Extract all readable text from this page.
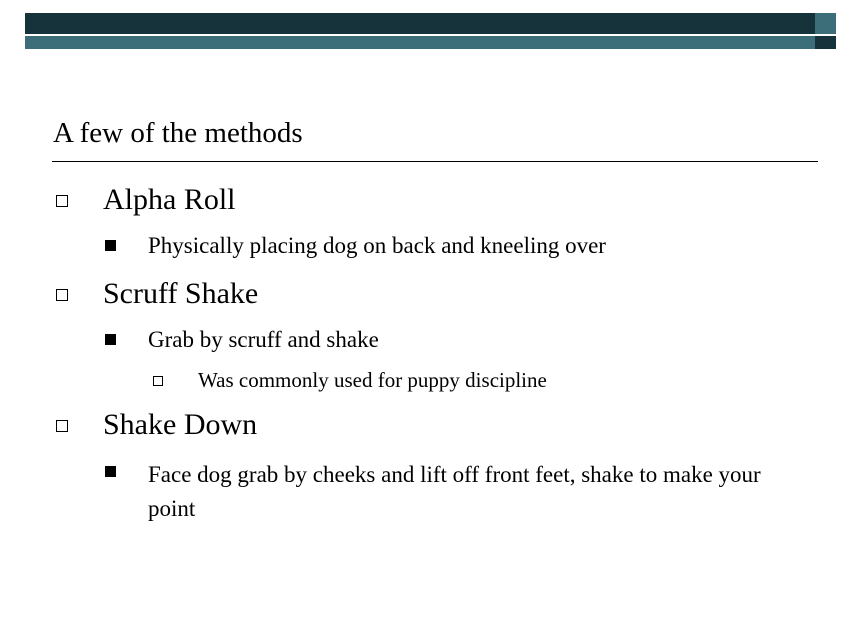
A few of the methods
Alpha Roll
Physically placing dog on back and kneeling over
Scruff Shake
Grab by scruff and shake
Was commonly used for puppy discipline
Shake Down
Face dog grab by cheeks and lift off front feet, shake to make your point
